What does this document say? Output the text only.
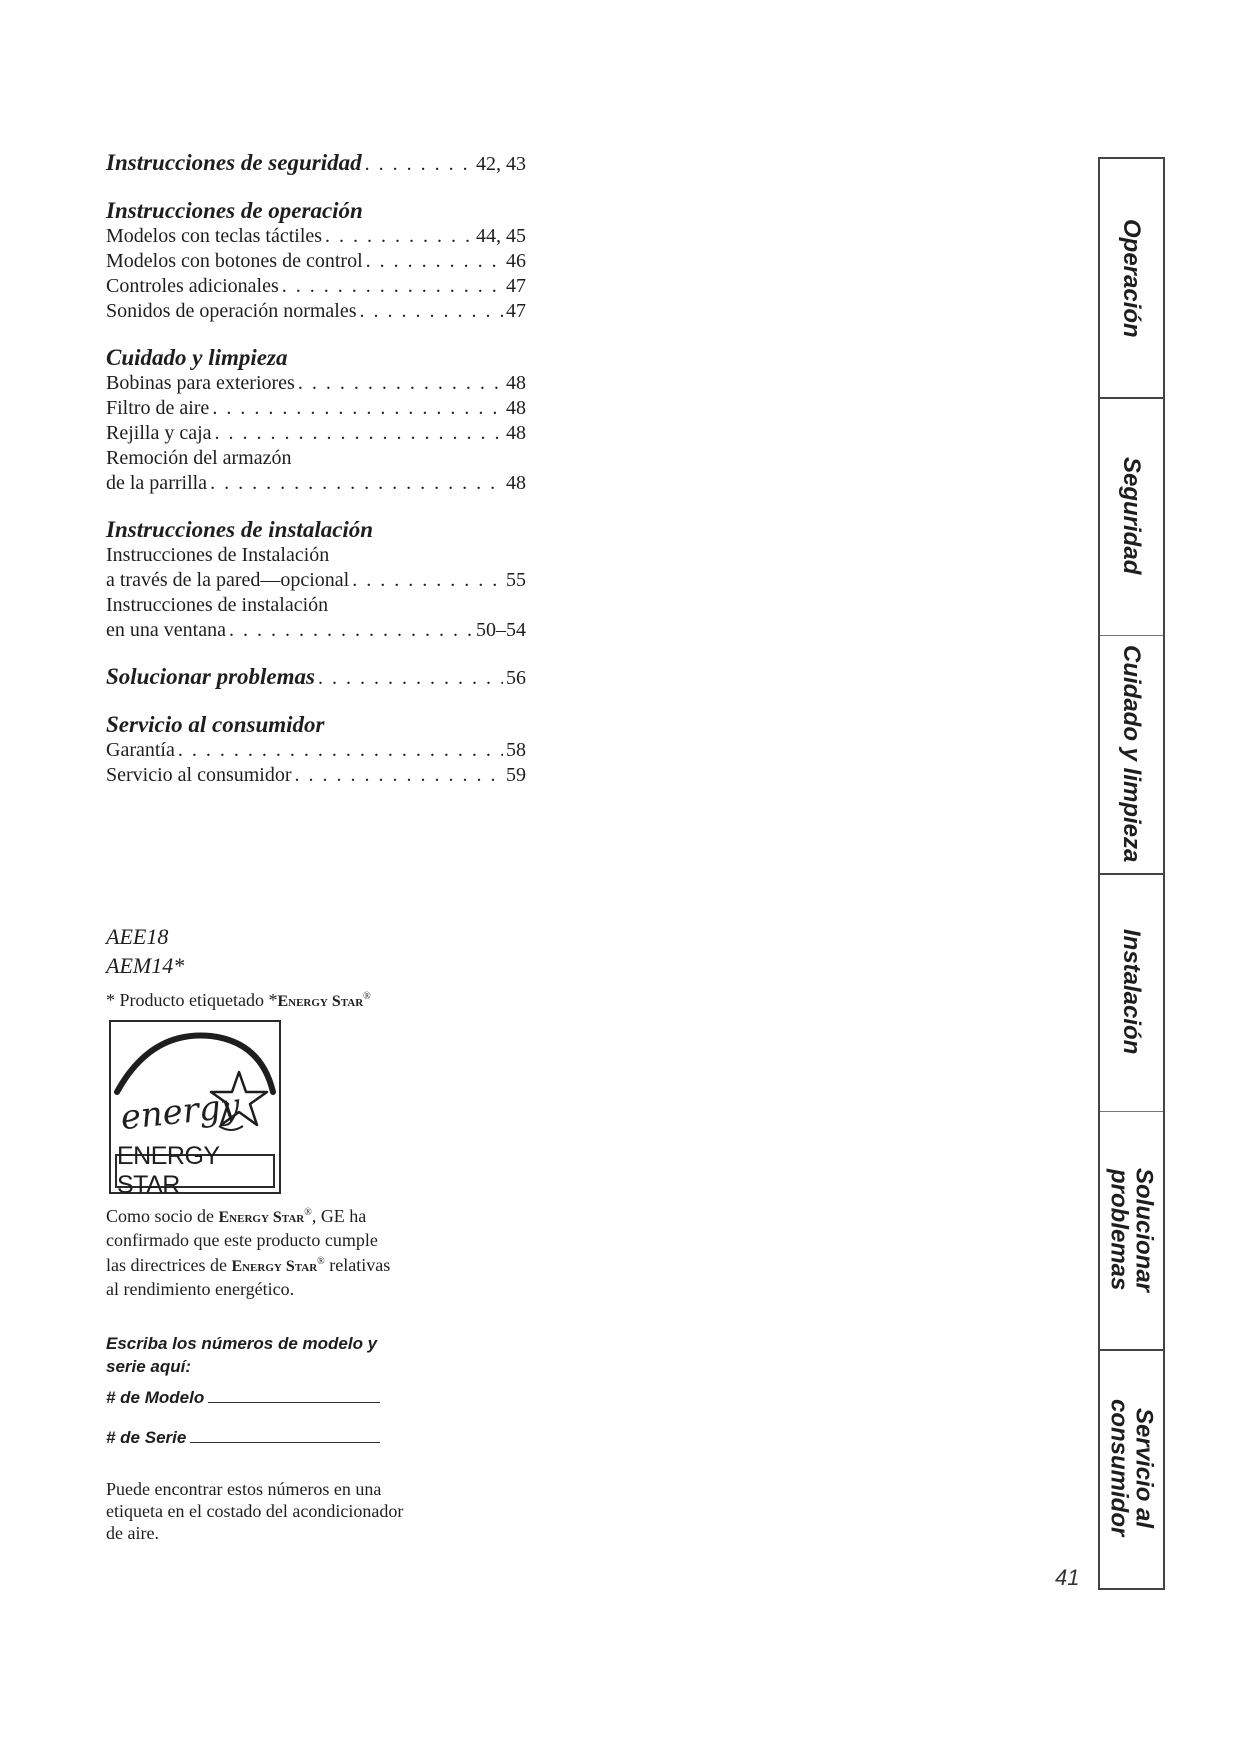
Instrucciones de seguridad . . .	42, 43
Instrucciones de operación
Modelos con teclas táctiles . . .	44, 45
Modelos con botones de control . . .	46
Controles adicionales . . .	47
Sonidos de operación normales . . .	47
Cuidado y limpieza
Bobinas para exteriores . . .	48
Filtro de aire . . .	48
Rejilla y caja . . .	48
Remoción del armazón
de la parrilla . . .	48
Instrucciones de instalación
Instrucciones de Instalación
a través de la pared—opcional . . .	55
Instrucciones de instalación
en una ventana . . .	50–54
Solucionar problemas . . .	56
Servicio al consumidor
Garantía . . .	58
Servicio al consumidor . . .	59
AEE18
AEM14*
* Producto etiquetado *Energy Star®
energy
ENERGY STAR
Como socio de Energy Star®, GE ha confirmado que este producto cumple las directrices de Energy Star® relativas al rendimiento energético.
Escriba los números de modelo y serie aquí:
# de Modelo
# de Serie
Puede encontrar estos números en una etiqueta en el costado del acondicionador de aire.
41
Seguridad
Operación
Cuidado y limpieza
Instalación
Solucionar
problemas
Servicio al
consumidor
